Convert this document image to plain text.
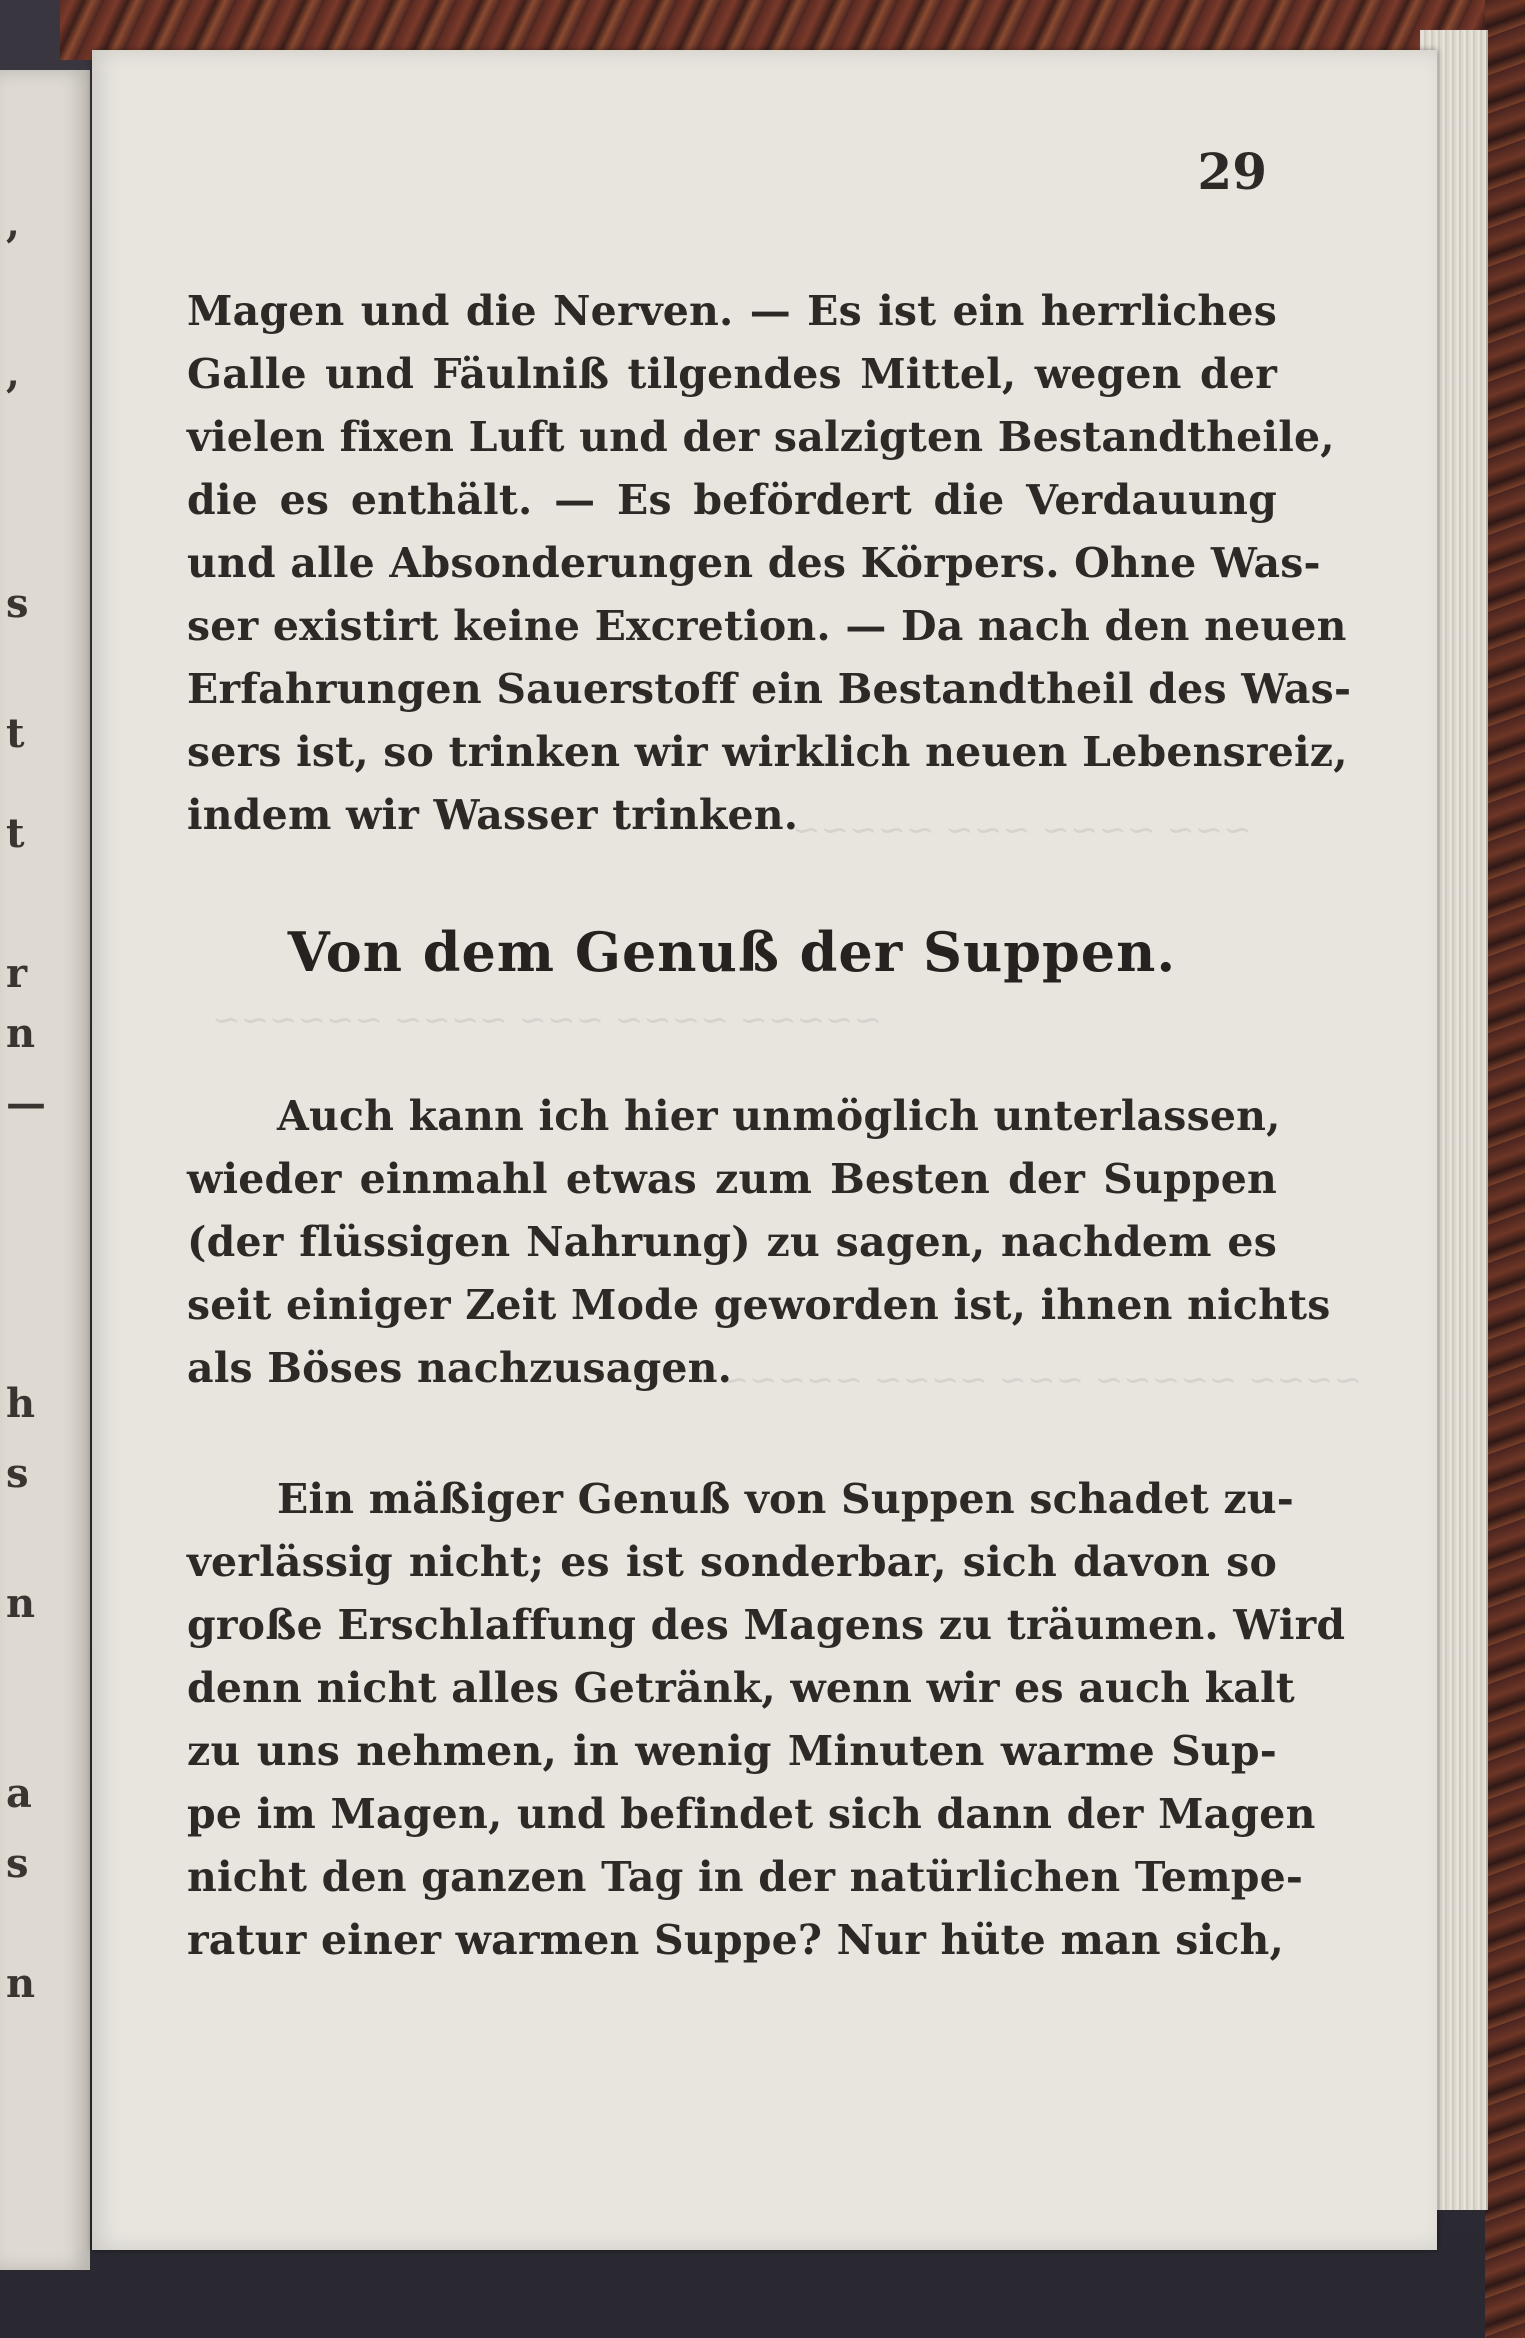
,
,
s
t
t
r
n
—
h
s
n
a
s
n
~~~ ~~~~ ~~~ ~~~~~
~~~~~ ~~~~ ~~~ ~~~~ ~~~~~~
~~~~ ~~~~~ ~~~ ~~~~ ~~~~~~
29
Magen und die Nerven. — Es ist ein herrliches
Galle und Fäulniß tilgendes Mittel, wegen der
vielen fixen Luft und der salzigten Bestandtheile,
die es enthält. — Es befördert die Verdauung
und alle Absonderungen des Körpers. Ohne Was-
ser existirt keine Excretion. — Da nach den neuen
Erfahrungen Sauerstoff ein Bestandtheil des Was-
sers ist, so trinken wir wirklich neuen Lebensreiz,
indem wir Wasser trinken.
Von dem Genuß der Suppen.
Auch kann ich hier unmöglich unterlassen,
wieder einmahl etwas zum Besten der Suppen
(der flüssigen Nahrung) zu sagen, nachdem es
seit einiger Zeit Mode geworden ist, ihnen nichts
als Böses nachzusagen.
Ein mäßiger Genuß von Suppen schadet zu-
verlässig nicht; es ist sonderbar, sich davon so
große Erschlaffung des Magens zu träumen. Wird
denn nicht alles Getränk, wenn wir es auch kalt
zu uns nehmen, in wenig Minuten warme Sup-
pe im Magen, und befindet sich dann der Magen
nicht den ganzen Tag in der natürlichen Tempe-
ratur einer warmen Suppe? Nur hüte man sich,
